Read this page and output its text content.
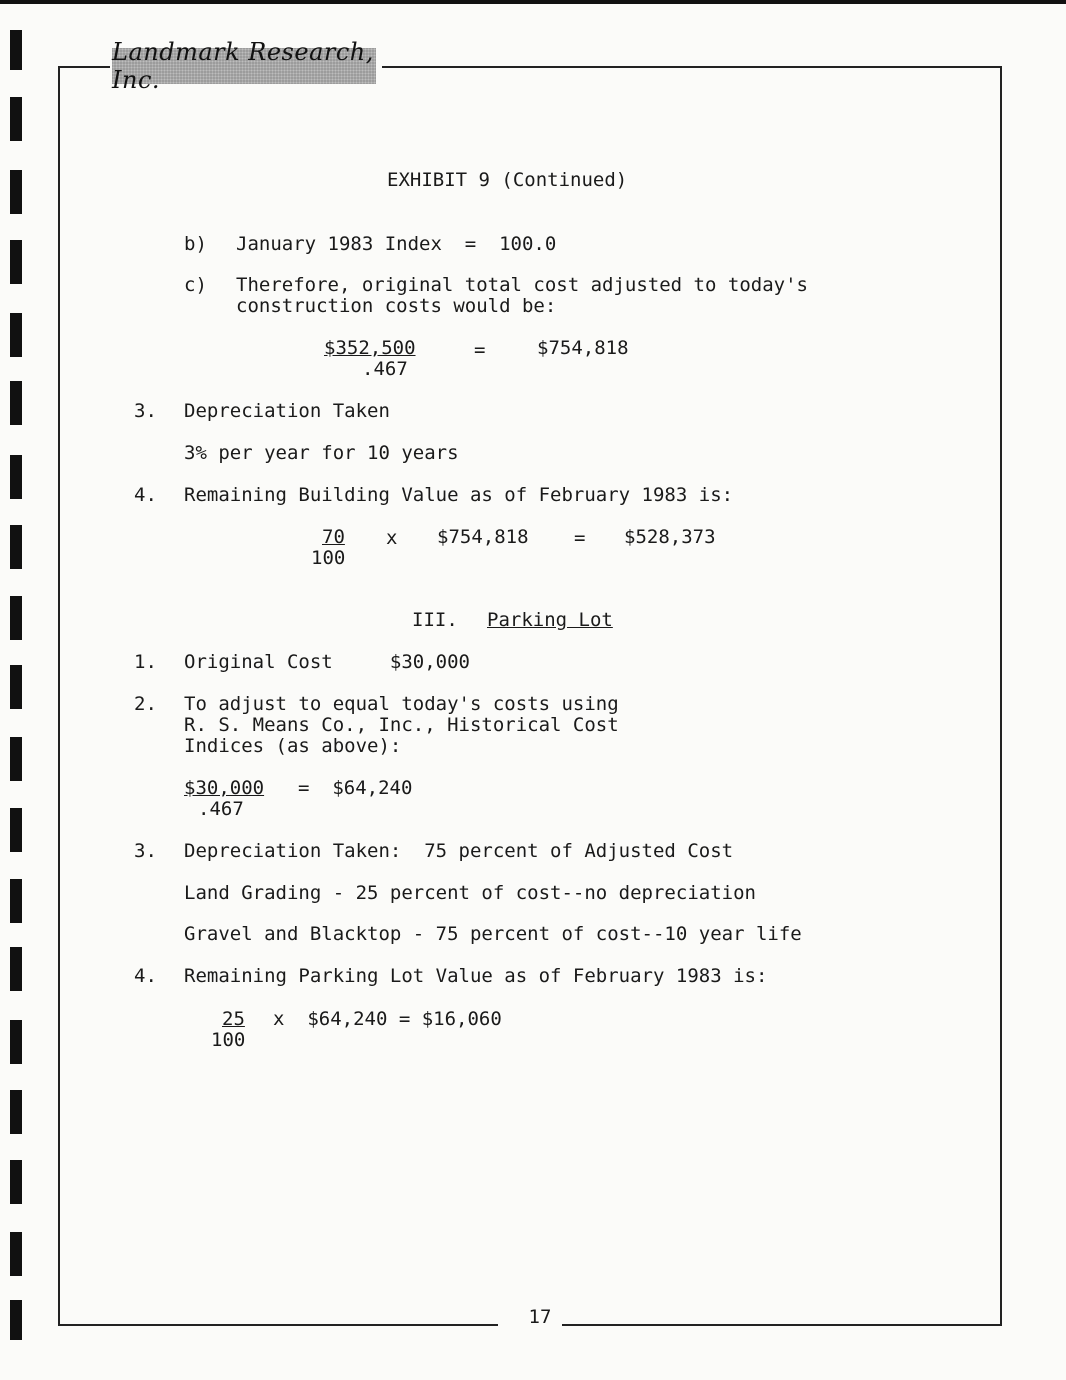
Landmark Research, Inc.
EXHIBIT 9 (Continued)
b) January 1983 Index  =  100.0
c) Therefore, original total cost adjusted to today's
construction costs would be:
$352,500
.467
=	$754,818
3. Depreciation Taken
3% per year for 10 years
4. Remaining Building Value as of February 1983 is:
70
100
x $754,818 = $528,373
III. Parking Lot
1. Original Cost     $30,000
2. To adjust to equal today's costs using
R. S. Means Co., Inc., Historical Cost
Indices (as above):
$30,000
.467
=  $64,240
3. Depreciation Taken:  75 percent of Adjusted Cost
Land Grading - 25 percent of cost--no depreciation
Gravel and Blacktop - 75 percent of cost--10 year life
4. Remaining Parking Lot Value as of February 1983 is:
25
100
x  $64,240 = $16,060
17
